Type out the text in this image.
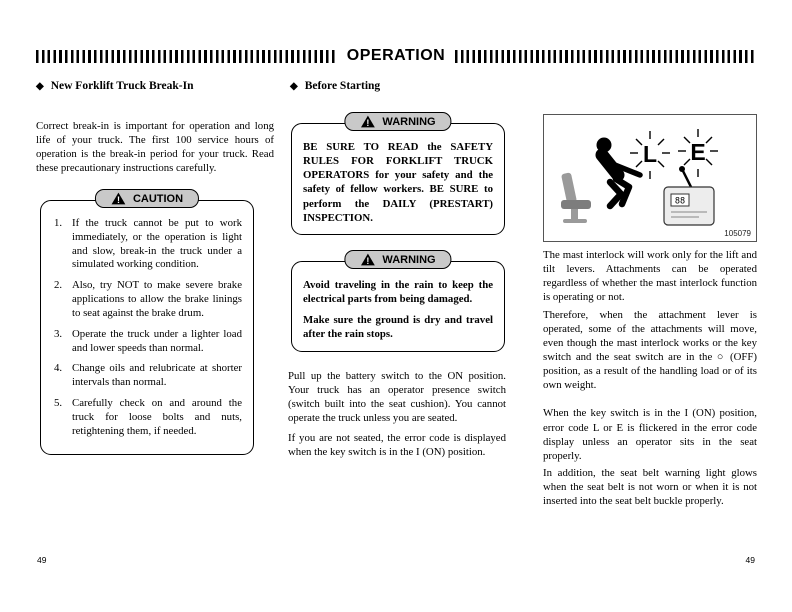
OPERATION
◆ New Forklift Truck Break-In	◆ Before Starting
Correct break-in is important for operation and long life of your truck. The first 100 service hours of operation is the break-in period for your truck. Read these precautionary instructions carefully.
! CAUTION
If the truck cannot be put to work immediately, or the operation is light and slow, break-in the truck under a simulated working condition.
Also, try NOT to make severe brake applications to allow the brake linings to seat against the brake drum.
Operate the truck under a lighter load and lower speeds than normal.
Change oils and relubricate at shorter intervals than normal.
Carefully check on and around the truck for loose bolts and nuts, retightening them, if needed.
! WARNING
BE SURE TO READ the SAFETY RULES FOR FORKLIFT TRUCK OPERATORS for your safety and the safety of fellow workers. BE SURE to perform the DAILY (PRESTART) INSPECTION.
! WARNING
Avoid traveling in the rain to keep the electrical parts from being damaged.
Make sure the ground is dry and travel after the rain stops.
Pull up the battery switch to the ON position. Your truck has an operator presence switch (switch built into the seat cushion). You cannot operate the truck unless you are seated.
If you are not seated, the error code is displayed when the key switch is in the I (ON) position.
L E
88
105079
The mast interlock will work only for the lift and tilt levers. Attachments can be operated regardless of whether the mast interlock function is operating or not.
Therefore, when the attachment lever is operated, some of the attachments will move, even though the mast interlock works or the key switch and the seat switch are in the ○ (OFF) position, as a result of the handling load or of its own weight.
When the key switch is in the I (ON) position, error code L or E is flickered in the error code display unless an operator sits in the seat properly.
In addition, the seat belt warning light glows when the seat belt is not worn or when it is not inserted into the seat belt buckle properly.
49	49
